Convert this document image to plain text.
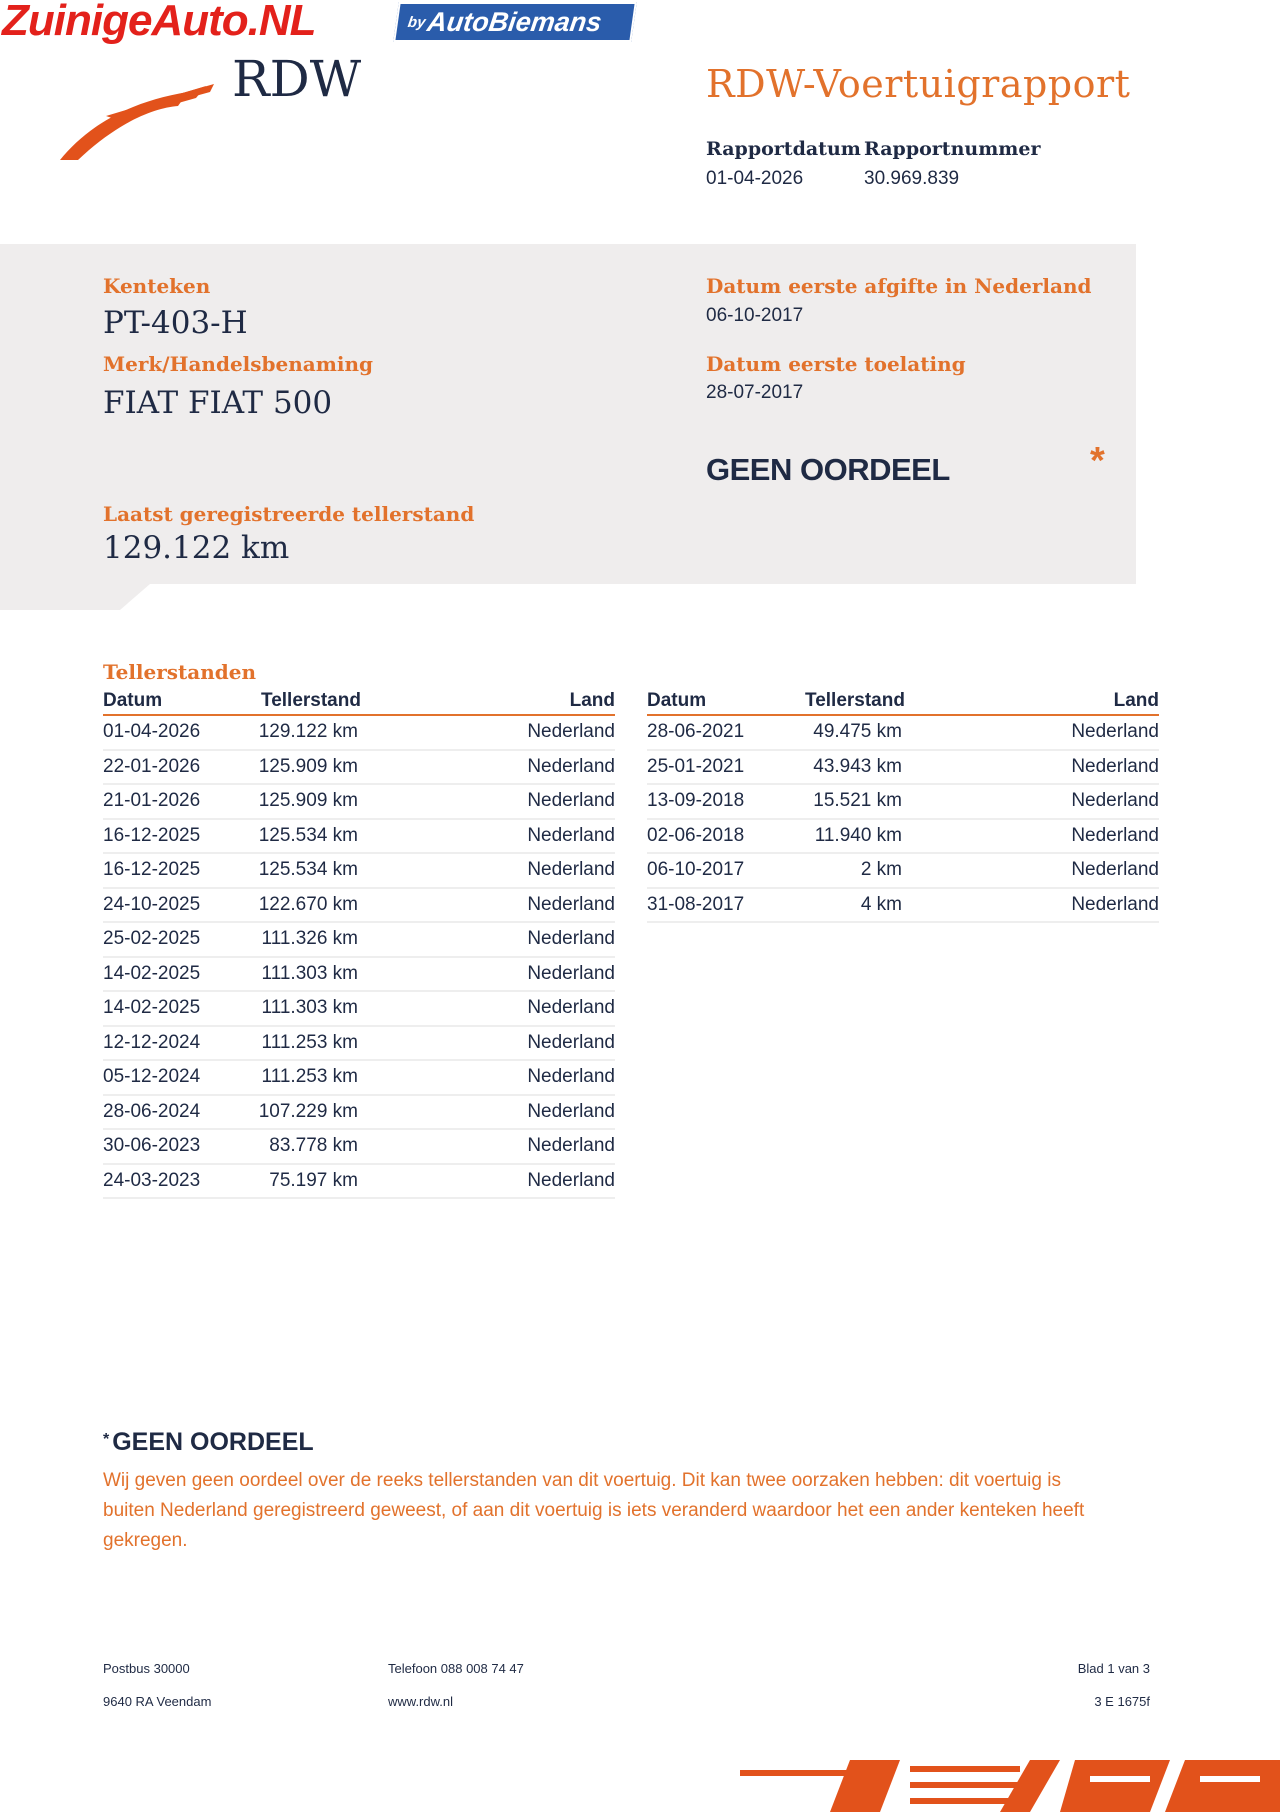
ZuinigeAuto.NL	by
AutoBiemans
RDW	RDW-Voertuigrapport
Rapportdatum
01-04-2026
Rapportnummer
30.969.839
Kenteken
PT-403-H
Merk/Handelsbenaming
FIAT FIAT 500
Laatst geregistreerde tellerstand
129.122 km
Datum eerste afgifte in Nederland
06-10-2017
Datum eerste toelating
28-07-2017
GEEN OORDEEL	*
Tellerstanden
Datum	Tellerstand	Land
01-04-2026	129.122 km	Nederland
22-01-2026	125.909 km	Nederland
21-01-2026	125.909 km	Nederland
16-12-2025	125.534 km	Nederland
16-12-2025	125.534 km	Nederland
24-10-2025	122.670 km	Nederland
25-02-2025	111.326 km	Nederland
14-02-2025	111.303 km	Nederland
14-02-2025	111.303 km	Nederland
12-12-2024	111.253 km	Nederland
05-12-2024	111.253 km	Nederland
28-06-2024	107.229 km	Nederland
30-06-2023	83.778 km	Nederland
24-03-2023	75.197 km	Nederland
Datum	Tellerstand	Land
28-06-2021	49.475 km	Nederland
25-01-2021	43.943 km	Nederland
13-09-2018	15.521 km	Nederland
02-06-2018	11.940 km	Nederland
06-10-2017	2 km	Nederland
31-08-2017	4 km	Nederland
* GEEN OORDEEL
Wij geven geen oordeel over de reeks tellerstanden van dit voertuig. Dit kan twee oorzaken hebben: dit voertuig is buiten Nederland geregistreerd geweest, of aan dit voertuig is iets veranderd waardoor het een ander kenteken heeft gekregen.
Postbus 30000
9640 RA Veendam
Telefoon 088 008 74 47
www.rdw.nl
Blad 1 van 3
3 E 1675f
